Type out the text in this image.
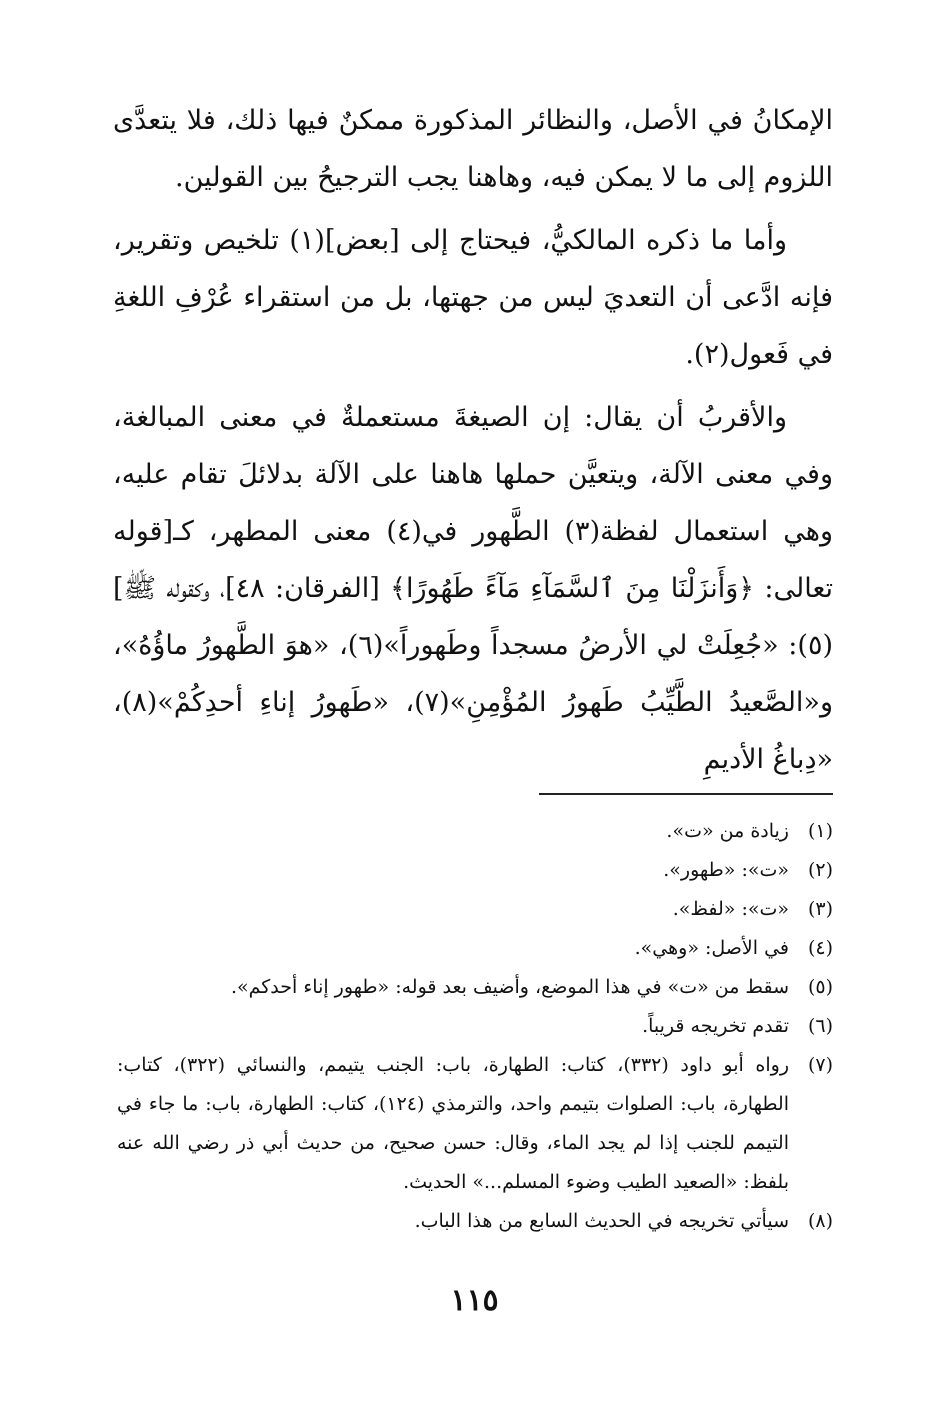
الإمكانُ في الأصل، والنظائر المذكورة ممكنٌ فيها ذلك، فلا يتعدَّى اللزوم إلى ما لا يمكن فيه، وهاهنا يجب الترجيحُ بين القولين.

وأما ما ذكره المالكيُّ، فيحتاج إلى [بعض](١) تلخيص وتقرير، فإنه ادَّعى أن التعديَ ليس من جهتها، بل من استقراء عُرْفِ اللغةِ في فَعول(٢).

والأقربُ أن يقال: إن الصيغةَ مستعملةٌ في معنى المبالغة، وفي معنى الآلة، ويتعيَّن حملها هاهنا على الآلة بدلائلَ تقام عليه، وهي استعمال لفظة(٣) الطَّهور في(٤) معنى المطهر، كـ[قوله تعالى: ﴿وَأَنزَلْنَا مِنَ ٱلسَّمَآءِ مَآءً طَهُورًا﴾ [الفرقان: ٤٨]، وكقوله ﷺ](٥): «جُعِلَتْ لي الأرضُ مسجداً وطَهوراً»(٦)، «هوَ الطَّهورُ ماؤُهُ»، و«الصَّعيدُ الطَّيِّبُ طَهورُ المُؤْمِنِ»(٧)، «طَهورُ إناءِ أحدِكُمْ»(٨)، «دِباغُ الأديمِ

(١)
زيادة من «ت».
(٢)
«ت»: «طهور».
(٣)
«ت»: «لفظ».
(٤)
في الأصل: «وهي».
(٥)
سقط من «ت» في هذا الموضع، وأضيف بعد قوله: «طهور إناء أحدكم».
(٦)
تقدم تخريجه قريباً.
(٧)
رواه أبو داود (٣٣٢)، كتاب: الطهارة، باب: الجنب يتيمم، والنسائي (٣٢٢)، كتاب: الطهارة، باب: الصلوات بتيمم واحد، والترمذي (١٢٤)، كتاب: الطهارة، باب: ما جاء في التيمم للجنب إذا لم يجد الماء، وقال: حسن صحيح، من حديث أبي ذر رضي الله عنه بلفظ: «الصعيد الطيب وضوء المسلم...» الحديث.
(٨)
سيأتي تخريجه في الحديث السابع من هذا الباب.
١١٥
